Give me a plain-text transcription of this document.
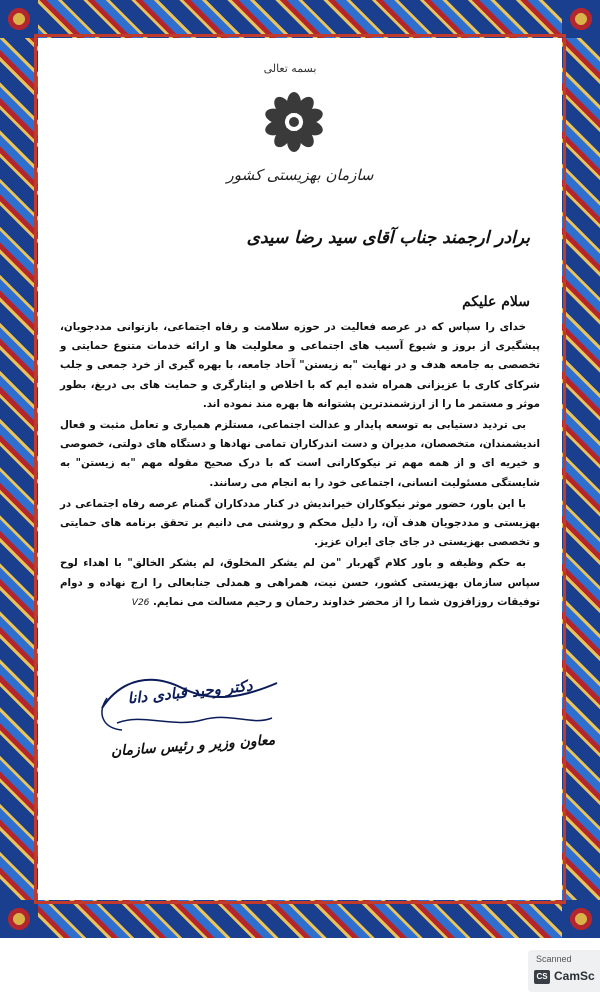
بسمه تعالی
سازمان بهزیستی کشور
برادر ارجمند جناب آقای سید رضا سیدی
سلام علیکم

خدای را سپاس که در عرصه فعالیت در حوزه سلامت و رفاه اجتماعی، بازتوانی مددجویان، پیشگیری از بروز و شیوع آسیب های اجتماعی و معلولیت ها و ارائه خدمات متنوع حمایتی و تخصصی به جامعه هدف و در نهایت "به زیستن" آحاد جامعه، با بهره گیری از خرد جمعی و جلب شرکای کاری با عزیزانی همراه شده ایم که با اخلاص و ایثارگری و حمایت های بی دریغ، بطور موثر و مستمر ما را از ارزشمندترین پشتوانه ها بهره مند نموده اند.

بی تردید دستیابی به توسعه پایدار و عدالت اجتماعی، مستلزم همیاری و تعامل مثبت و فعال اندیشمندان، متخصصان، مدیران و دست اندرکاران تمامی نهادها و دستگاه های دولتی، خصوصی و خیریه ای و از همه مهم تر نیکوکارانی است که با درک صحیح مقوله مهم "به زیستن" به شایستگی مسئولیت انسانی، اجتماعی خود را به انجام می رسانند.

با این باور، حضور موثر نیکوکاران خیراندیش در کنار مددکاران گمنام عرصه رفاه اجتماعی در بهزیستی و مددجویان هدف آن، را دلیل محکم و روشنی می دانیم بر تحقق برنامه های حمایتی و تخصصی بهزیستی در جای جای ایران عزیز.

به حکم وظیفه و باور کلام گهربار "من لم یشکر المخلوق، لم یشکر الخالق" با اهداء لوح سپاس سازمان بهزیستی کشور، حسن نیت، همراهی و همدلی جنابعالی را ارج نهاده و دوام توفیقات روزافزون شما را از محضر خداوند رحمان و رحیم مسالت می نمایم. V26

دکتر وحید قبادی دانا
معاون وزیر و رئیس سازمان
Scanned
CS CamSc
